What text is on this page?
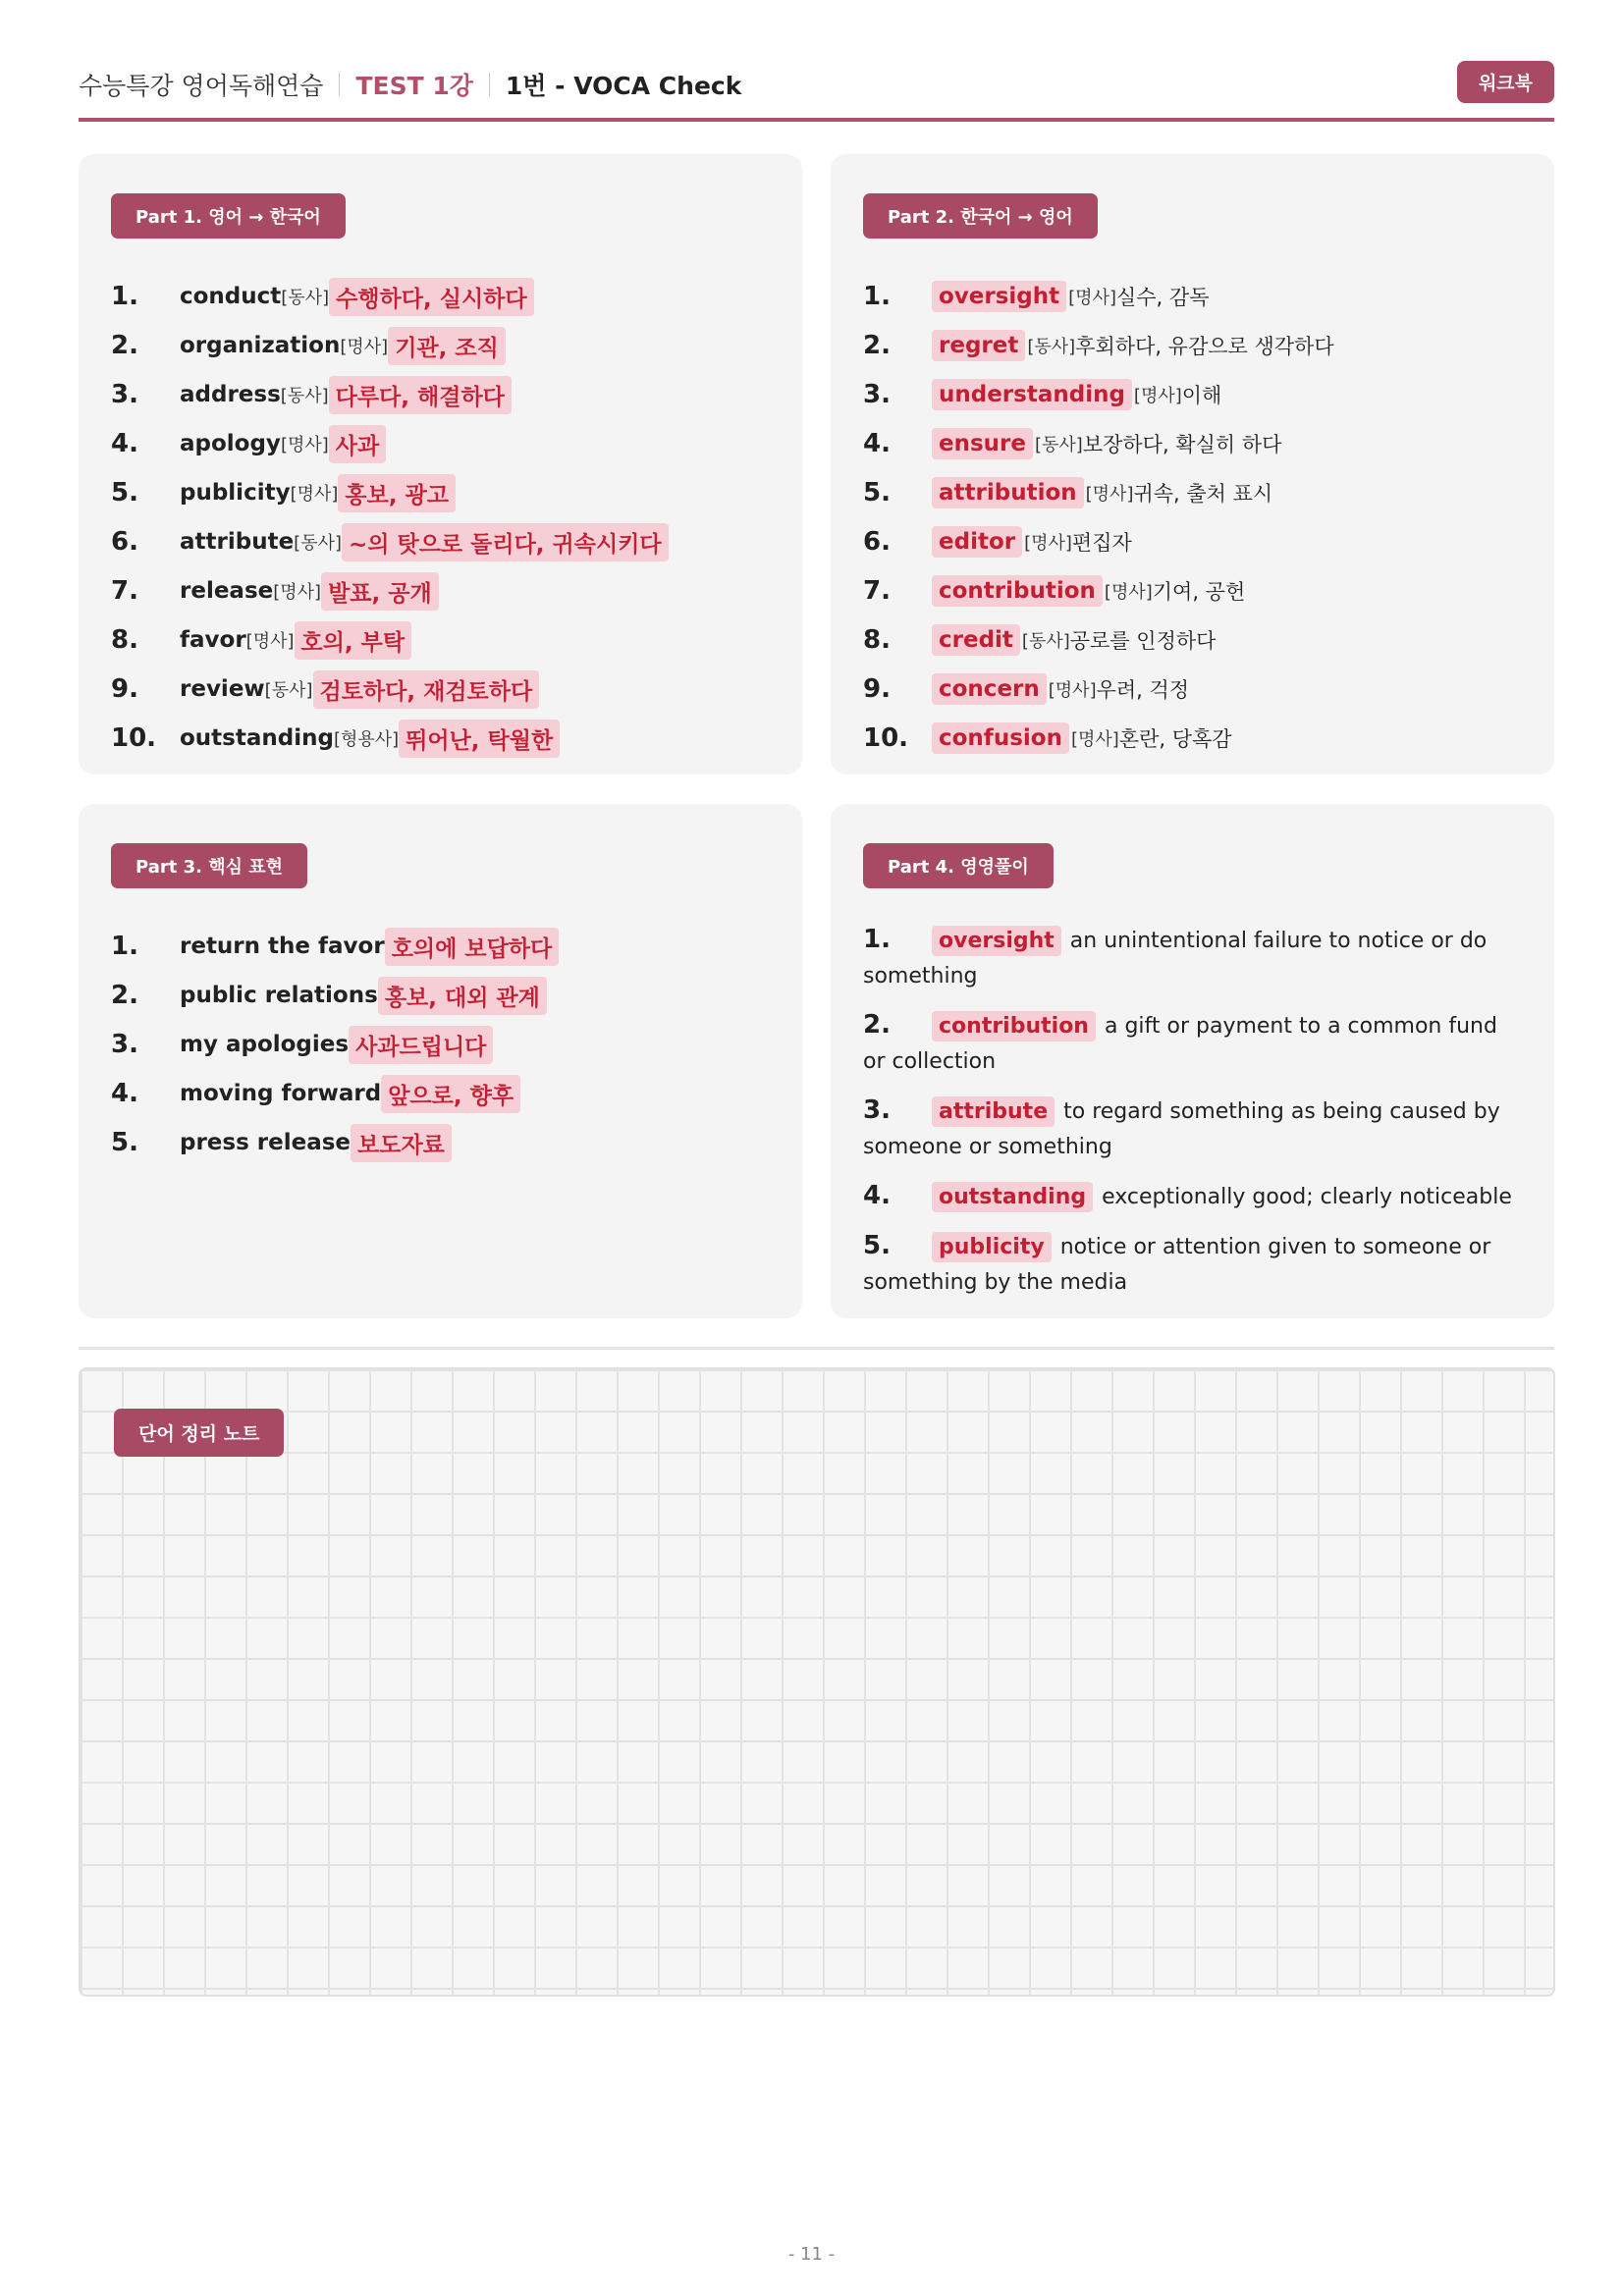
수능특강 영어독해연습 TEST 1강 1번 - VOCA Check	워크북
Part 1. 영어 → 한국어
1.	conduct [동사] 수행하다, 실시하다
2.	organization [명사] 기관, 조직
3.	address [동사] 다루다, 해결하다
4.	apology [명사] 사과
5.	publicity [명사] 홍보, 광고
6.	attribute [동사] ~의 탓으로 돌리다, 귀속시키다
7.	release [명사] 발표, 공개
8.	favor [명사] 호의, 부탁
9.	review [동사] 검토하다, 재검토하다
10.	outstanding [형용사] 뛰어난, 탁월한
Part 2. 한국어 → 영어
1.	oversight [명사] 실수, 감독
2.	regret [동사] 후회하다, 유감으로 생각하다
3.	understanding [명사] 이해
4.	ensure [동사] 보장하다, 확실히 하다
5.	attribution [명사] 귀속, 출처 표시
6.	editor [명사] 편집자
7.	contribution [명사] 기여, 공헌
8.	credit [동사] 공로를 인정하다
9.	concern [명사] 우려, 걱정
10.	confusion [명사] 혼란, 당혹감
Part 3. 핵심 표현
1.	return the favor 호의에 보답하다
2.	public relations 홍보, 대외 관계
3.	my apologies 사과드립니다
4.	moving forward 앞으로, 향후
5.	press release 보도자료
Part 4. 영영풀이
1. oversight an unintentional failure to notice or do something
2. contribution a gift or payment to a common fund or collection
3. attribute to regard something as being caused by someone or something
4. outstanding exceptionally good; clearly noticeable
5. publicity notice or attention given to someone or something by the media
단어 정리 노트
- 11 -
